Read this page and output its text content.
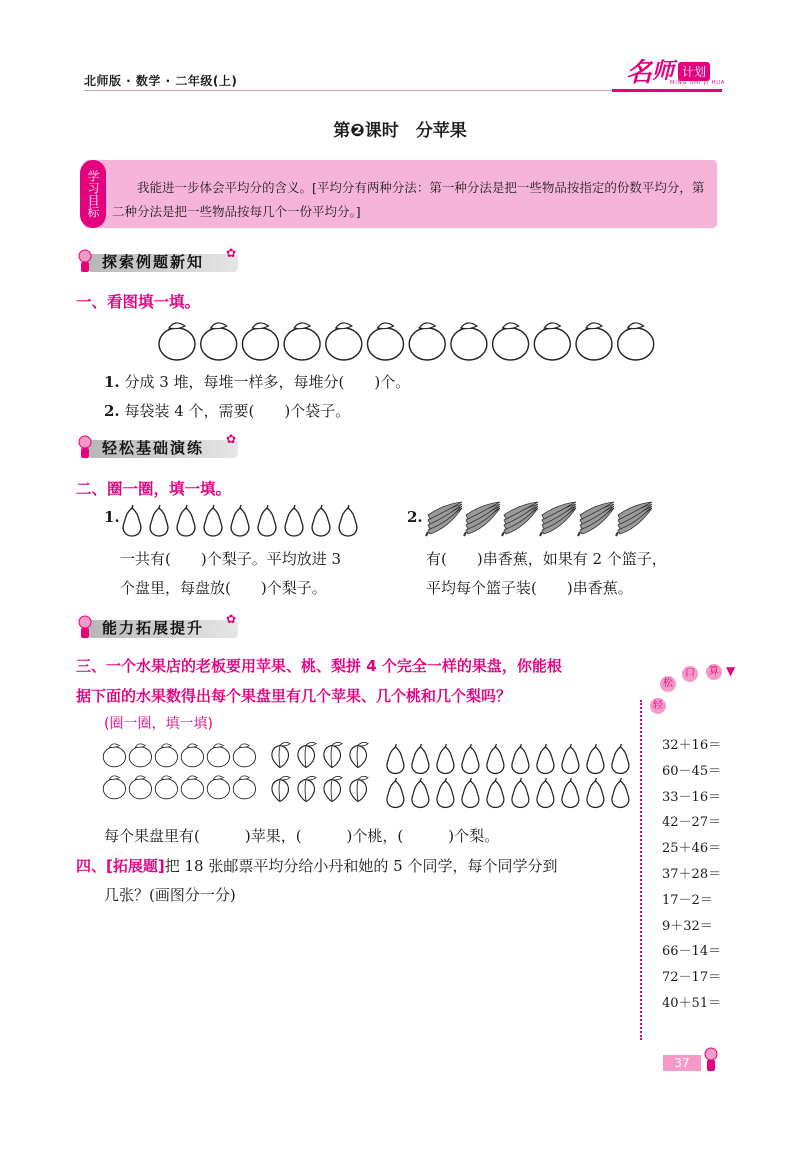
北师版 · 数学 · 二年级(上)	名 师 计划
MING SHI JI HUA
第❷课时　分苹果
学习目标	我能进一步体会平均分的含义。[平均分有两种分法：第一种分法是把一些物品按指定的份数平均分，第二种分法是把一些物品按每几个一份平均分。]
探索例题新知 ✿
一、看图填一填。
1. 分成 3 堆，每堆一样多，每堆分(　　)个。
2. 每袋装 4 个，需要(　　)个袋子。
轻松基础演练 ✿
二、圈一圈，填一填。
1.
一共有(　　)个梨子。平均放进 3
个盘里，每盘放(　　)个梨子。
2.
有(　　)串香蕉，如果有 2 个篮子，
平均每个篮子装(　　)串香蕉。
能力拓展提升 ✿
三、一个水果店的老板要用苹果、桃、梨拼 4 个完全一样的果盘，你能根
据下面的水果数得出每个果盘里有几个苹果、几个桃和几个梨吗？
(圈一圈，填一填)
每个果盘里有(　　　)苹果，(　　　)个桃，(　　　)个梨。
四、[拓展题]把 18 张邮票平均分给小丹和她的 5 个同学，每个同学分到
几张？(画图分一分)
轻
松
口	算 ▼
32＋16＝
60－45＝
33－16＝
42－27＝
25＋46＝
37＋28＝
17－2＝
9＋32＝
66－14＝
72－17＝
40＋51＝
37
